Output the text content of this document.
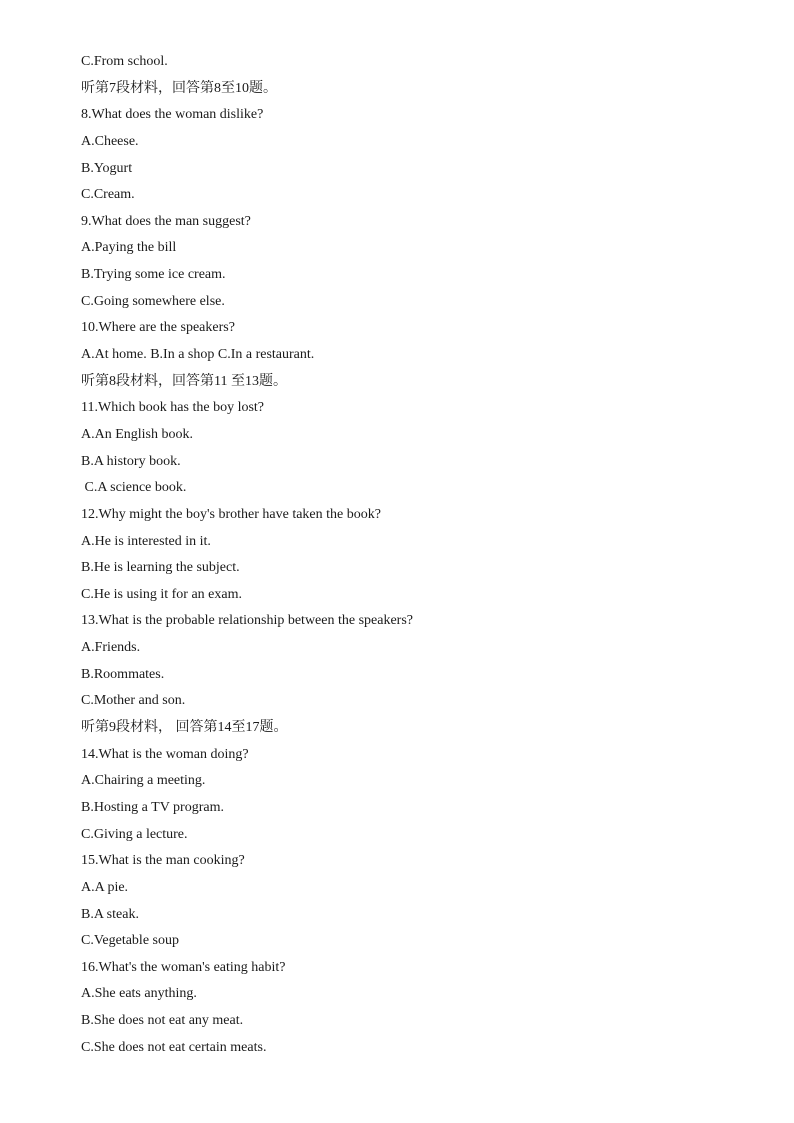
C.From school.
听第7段材料，回答第8至10题。
8.What does the woman dislike?
A.Cheese.
B.Yogurt
C.Cream.
9.What does the man suggest?
A.Paying the bill
B.Trying some ice cream.
C.Going somewhere else.
10.Where are the speakers?
A.At home. B.In a shop C.In a restaurant.
听第8段材料，回答第11 至13题。
11.Which book has the boy lost?
A.An English book.
B.A history book.
C.A science book.
12.Why might the boy's brother have taken the book?
A.He is interested in it.
B.He is learning the subject.
C.He is using it for an exam.
13.What is the probable relationship between the speakers?
A.Friends.
B.Roommates.
C.Mother and son.
听第9段材料， 回答第14至17题。
14.What is the woman doing?
A.Chairing a meeting.
B.Hosting a TV program.
C.Giving a lecture.
15.What is the man cooking?
A.A pie.
B.A steak.
C.Vegetable soup
16.What's the woman's eating habit?
A.She eats anything.
B.She does not eat any meat.
C.She does not eat certain meats.
